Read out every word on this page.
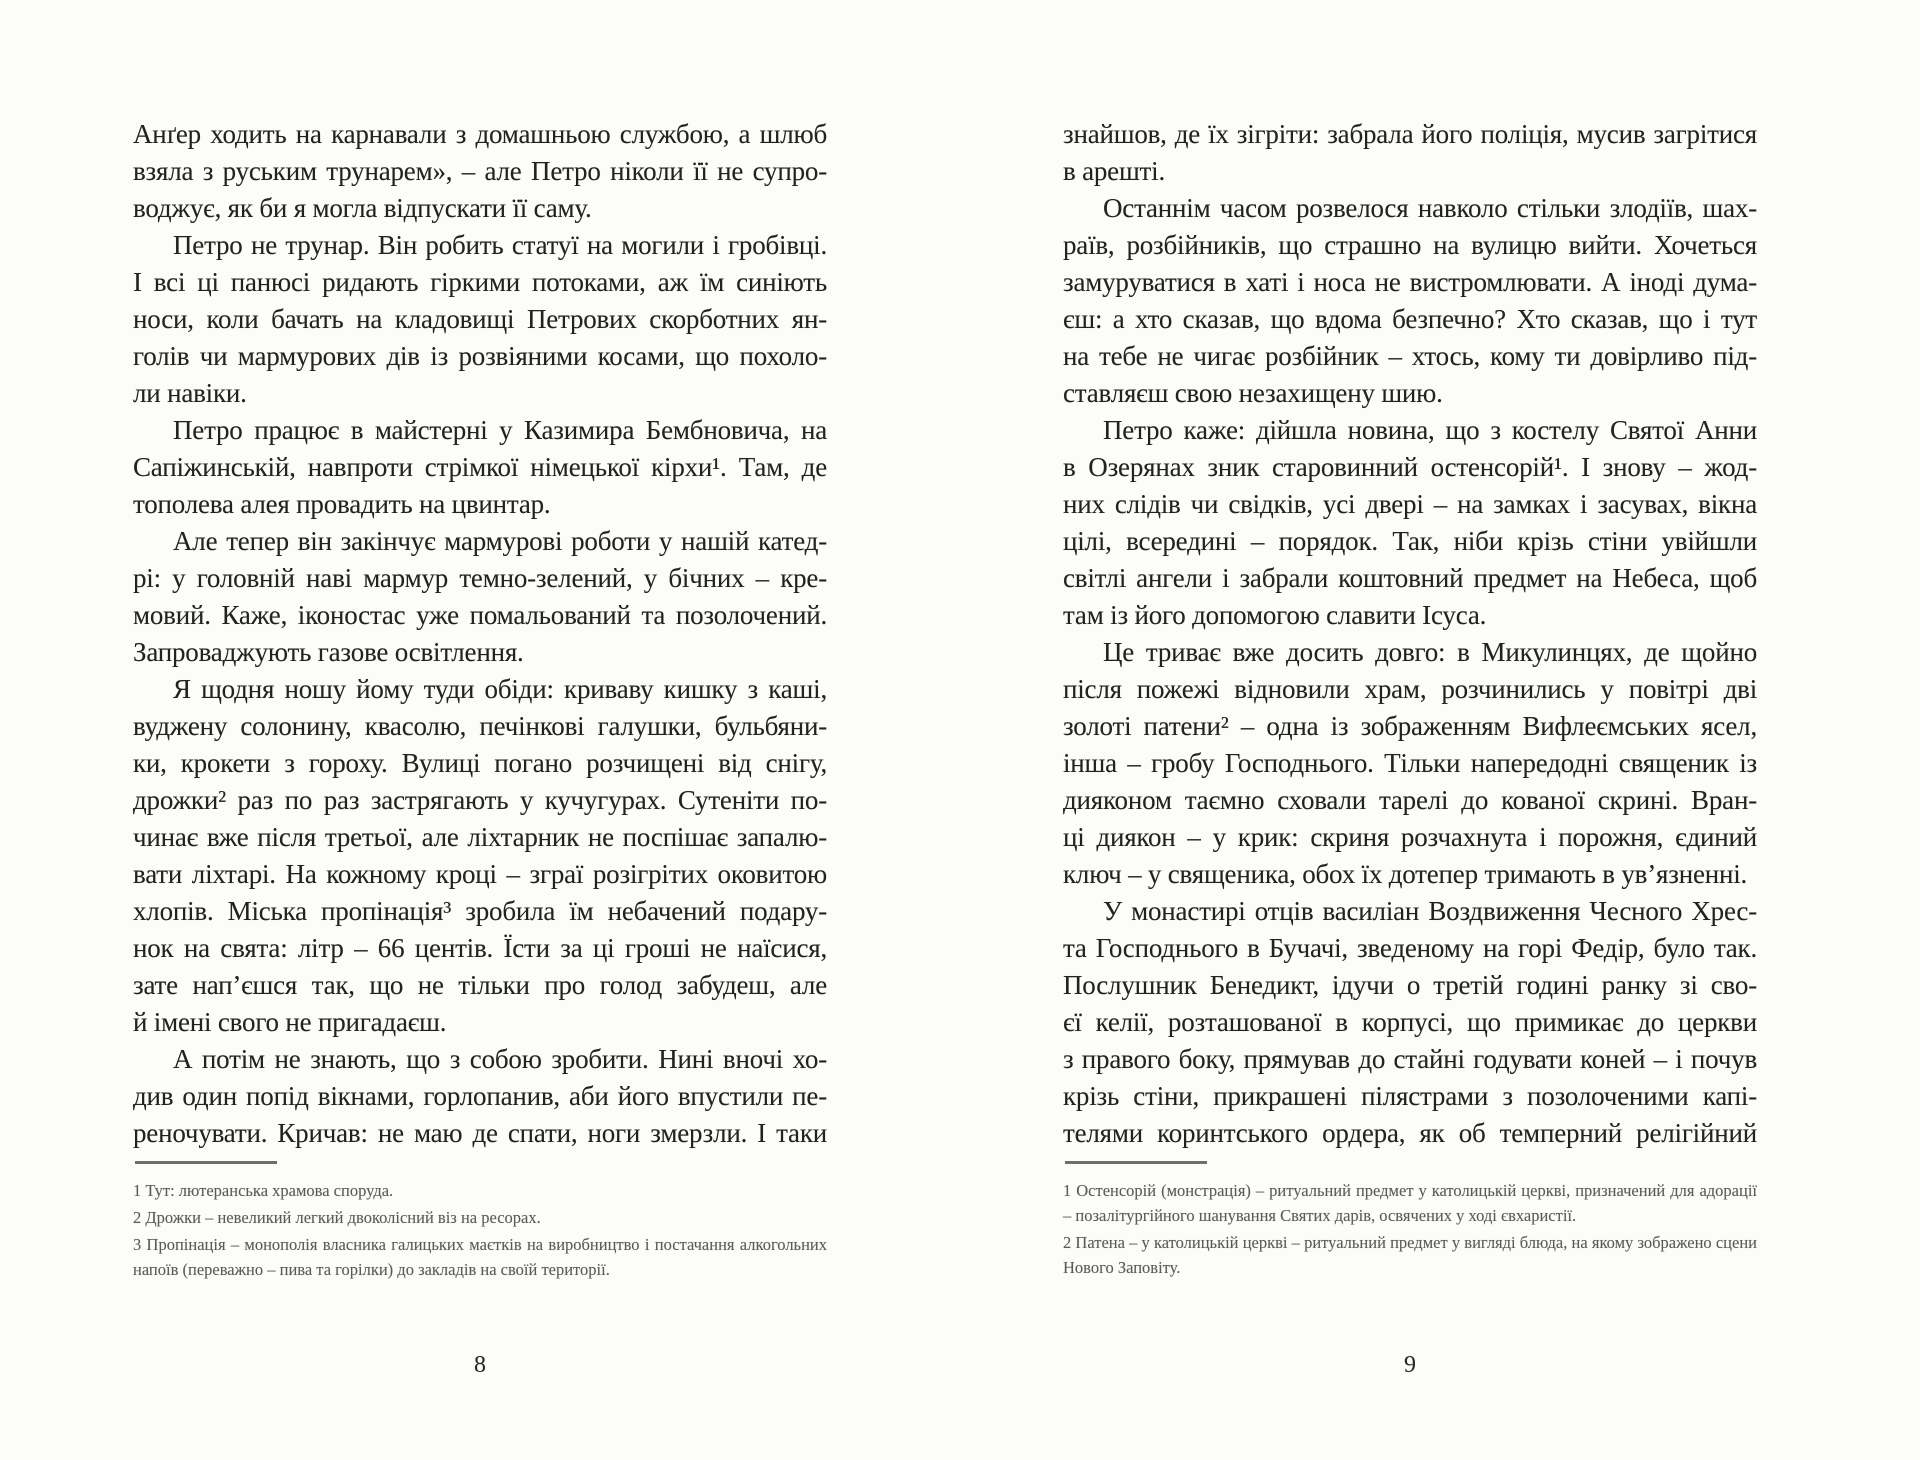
Анґер ходить на карнавали з домашньою службою, а шлюб
взяла з руським трунарем», – але Петро ніколи її не супро-
воджує, як би я могла відпускати її саму.
Петро не трунар. Він робить статуї на могили і гробівці.
І всі ці панюсі ридають гіркими потоками, аж їм синіють
носи, коли бачать на кладовищі Петрових скорботних ян-
голів чи мармурових дів із розвіяними косами, що похоло-
ли навіки.
Петро працює в майстерні у Казимира Бембновича, на
Сапіжинській, навпроти стрімкої німецької кірхи¹. Там, де
тополева алея провадить на цвинтар.
Але тепер він закінчує мармурові роботи у нашій катед-
рі: у головній наві мармур темно-зелений, у бічних – кре-
мовий. Каже, іконостас уже помальований та позолочений.
Запроваджують газове освітлення.
Я щодня ношу йому туди обіди: криваву кишку з каші,
вуджену солонину, квасолю, печінкові галушки, бульбяни-
ки, крокети з гороху. Вулиці погано розчищені від снігу,
дрожки² раз по раз застрягають у кучугурах. Сутеніти по-
чинає вже після третьої, але ліхтарник не поспішає запалю-
вати ліхтарі. На кожному кроці – зграї розігрітих оковитою
хлопів. Міська пропінація³ зробила їм небачений подару-
нок на свята: літр – 66 центів. Їсти за ці гроші не наїсися,
зате нап’єшся так, що не тільки про голод забудеш, але
й імені свого не пригадаєш.
А потім не знають, що з собою зробити. Нині вночі хо-
див один попід вікнами, горлопанив, аби його впустили пе-
реночувати. Кричав: не маю де спати, ноги змерзли. І таки
1 Тут: лютеранська храмова споруда.
2 Дрожки – невеликий легкий двоколісний віз на ресорах.
3 Пропінація – монополія власника галицьких маєтків на виробництво і постачання алкогольних напоїв (переважно – пива та горілки) до закладів на своїй території.
8
знайшов, де їх зігріти: забрала його поліція, мусив загрітися
в арешті.
Останнім часом розвелося навколо стільки злодіїв, шах-
раїв, розбійників, що страшно на вулицю вийти. Хочеться
замуруватися в хаті і носа не вистромлювати. А іноді дума-
єш: а хто сказав, що вдома безпечно? Хто сказав, що і тут
на тебе не чигає розбійник – хтось, кому ти довірливо під-
ставляєш свою незахищену шию.
Петро каже: дійшла новина, що з костелу Святої Анни
в Озерянах зник старовинний остенсорій¹. І знову – жод-
них слідів чи свідків, усі двері – на замках і засувах, вікна
цілі, всередині – порядок. Так, ніби крізь стіни увійшли
світлі ангели і забрали коштовний предмет на Небеса, щоб
там із його допомогою славити Ісуса.
Це триває вже досить довго: в Микулинцях, де щойно
після пожежі відновили храм, розчинились у повітрі дві
золоті патени² – одна із зображенням Вифлеємських ясел,
інша – гробу Господнього. Тільки напередодні священик із
дияконом таємно сховали тарелі до кованої скрині. Вран-
ці диякон – у крик: скриня розчахнута і порожня, єдиний
ключ – у священика, обох їх дотепер тримають в ув’язненні.
У монастирі отців василіан Воздвиження Чесного Хрес-
та Господнього в Бучачі, зведеному на горі Федір, було так.
Послушник Бенедикт, ідучи о третій годині ранку зі сво-
єї келії, розташованої в корпусі, що примикає до церкви
з правого боку, прямував до стайні годувати коней – і почув
крізь стіни, прикрашені пілястрами з позолоченими капі-
телями коринтського ордера, як об темперний релігійний
1 Остенсорій (монстрація) – ритуальний предмет у католицькій церкві, призначений для адорації – позалітургійного шанування Святих дарів, освячених у ході євхаристії.
2 Патена – у католицькій церкві – ритуальний предмет у вигляді блюда, на якому зображено сцени Нового Заповіту.
9
